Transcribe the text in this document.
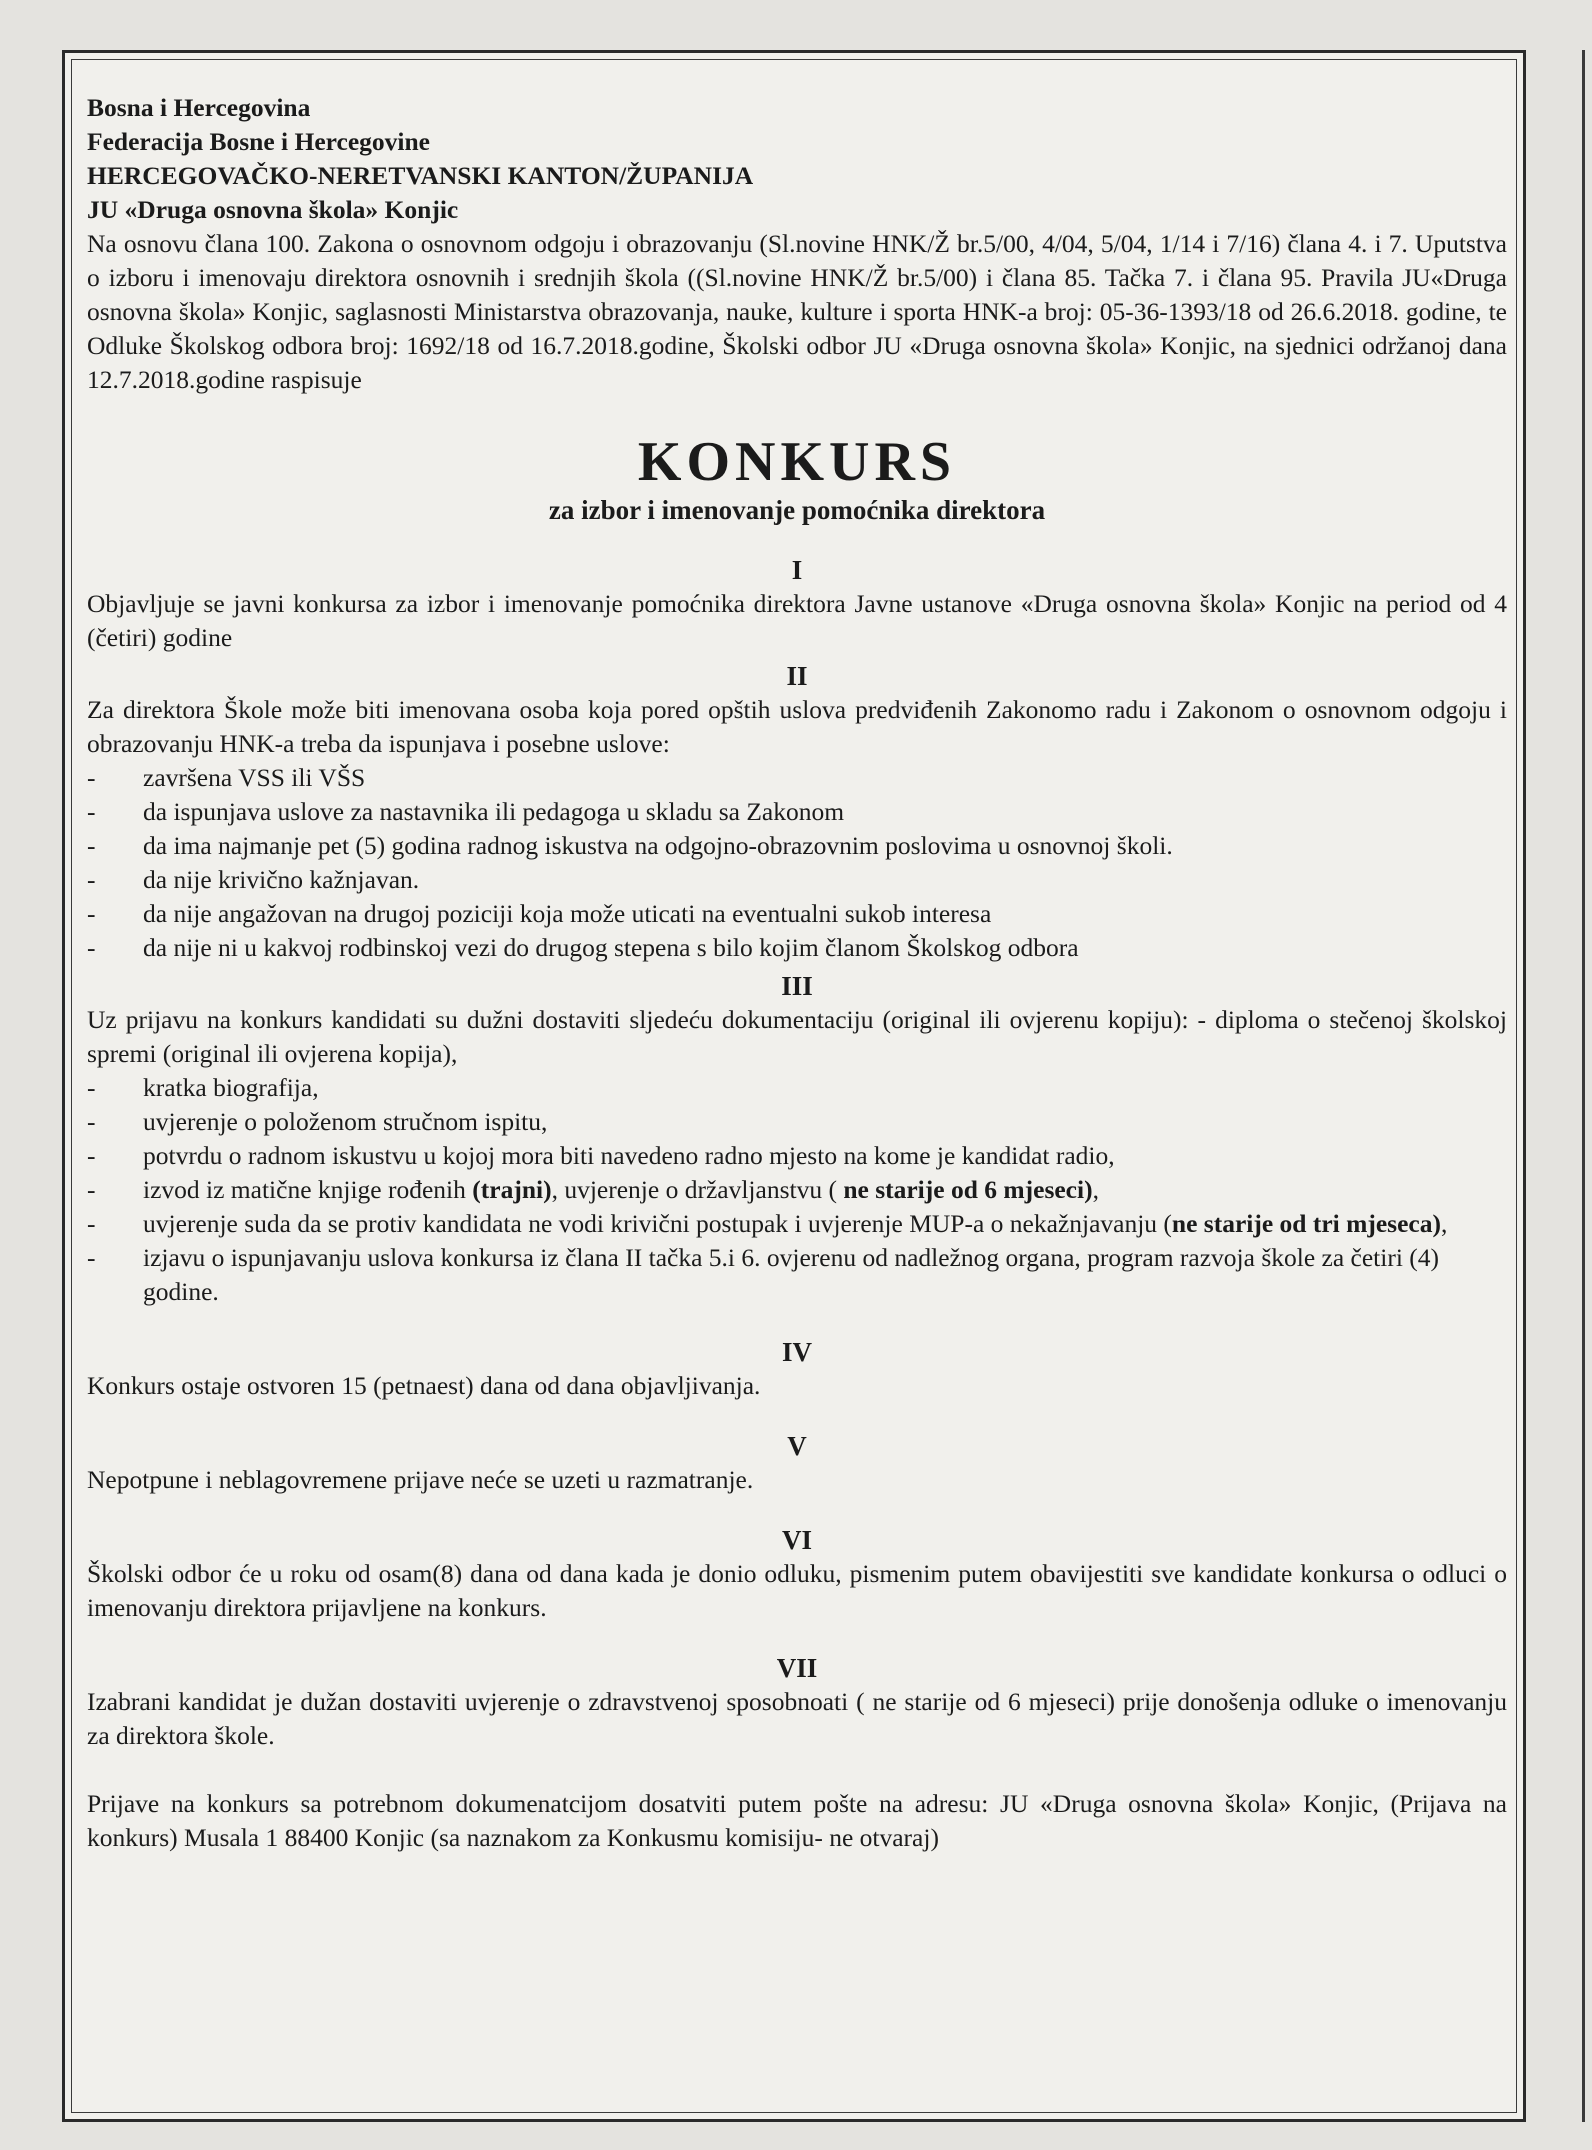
Bosna i Hercegovina

Federacija Bosne i Hercegovine

HERCEGOVAČKO-NERETVANSKI KANTON/ŽUPANIJA

JU «Druga osnovna škola» Konjic

Na osnovu člana 100. Zakona o osnovnom odgoju i obrazovanju (Sl.novine HNK/Ž br.5/00, 4/04, 5/04, 1/14 i 7/16) člana 4. i 7. Uputstva o izboru i imenovaju direktora osnovnih i srednjih škola ((Sl.novine HNK/Ž br.5/00) i člana 85. Tačka 7. i člana 95. Pravila JU«Druga osnovna škola» Konjic, saglasnosti Ministarstva obrazovanja, nauke, kulture i sporta HNK-a broj: 05-36-1393/18 od 26.6.2018. godine, te Odluke Školskog odbora broj: 1692/18 od 16.7.2018.godine, Školski odbor JU «Druga osnovna škola» Konjic, na sjednici održanoj dana 12.7.2018.godine raspisuje

KONKURS
za izbor i imenovanje pomoćnika direktora
I

Objavljuje se javni konkursa za izbor i imenovanje pomoćnika direktora Javne ustanove «Druga osnovna škola» Konjic na period od 4 (četiri) godine

II

Za direktora Škole može biti imenovana osoba koja pored opštih uslova predviđenih Zakonomo radu i Zakonom o osnovnom odgoju i obrazovanju HNK-a treba da ispunjava i posebne uslove:

- završena VSS ili VŠS
- da ispunjava uslove za nastavnika ili pedagoga u skladu sa Zakonom
- da ima najmanje pet (5) godina radnog iskustva na odgojno-obrazovnim poslovima u osnovnoj školi.
- da nije krivično kažnjavan.
- da nije angažovan na drugoj poziciji koja može uticati na eventualni sukob interesa
- da nije ni u kakvoj rodbinskoj vezi do drugog stepena s bilo kojim članom Školskog odbora
III

Uz prijavu na konkurs kandidati su dužni dostaviti sljedeću dokumentaciju (original ili ovjerenu kopiju): - diploma o stečenoj školskoj spremi (original ili ovjerena kopija),

- kratka biografija,
- uvjerenje o položenom stručnom ispitu,
- potvrdu o radnom iskustvu u kojoj mora biti navedeno radno mjesto na kome je kandidat radio,
- izvod iz matične knjige rođenih (trajni), uvjerenje o državljanstvu ( ne starije od 6 mjeseci),
- uvjerenje suda da se protiv kandidata ne vodi krivični postupak i uvjerenje MUP-a o nekažnjavanju (ne starije od tri mjeseca),
- izjavu o ispunjavanju uslova konkursa iz člana II tačka 5.i 6. ovjerenu od nadležnog organa, program razvoja škole za četiri (4) godine.
IV

Konkurs ostaje ostvoren 15 (petnaest) dana od dana objavljivanja.

V

Nepotpune i neblagovremene prijave neće se uzeti u razmatranje.

VI

Školski odbor će u roku od osam(8) dana od dana kada je donio odluku, pismenim putem obavijestiti sve kandidate konkursa o odluci o imenovanju direktora prijavljene na konkurs.

VII

Izabrani kandidat je dužan dostaviti uvjerenje o zdravstvenoj sposobnoati ( ne starije od 6 mjeseci) prije donošenja odluke o imenovanju za direktora škole.

Prijave na konkurs sa potrebnom dokumenatcijom dosatviti putem pošte na adresu: JU «Druga osnovna škola» Konjic, (Prijava na konkurs) Musala 1 88400 Konjic (sa naznakom za Konkusmu komisiju- ne otvaraj)
